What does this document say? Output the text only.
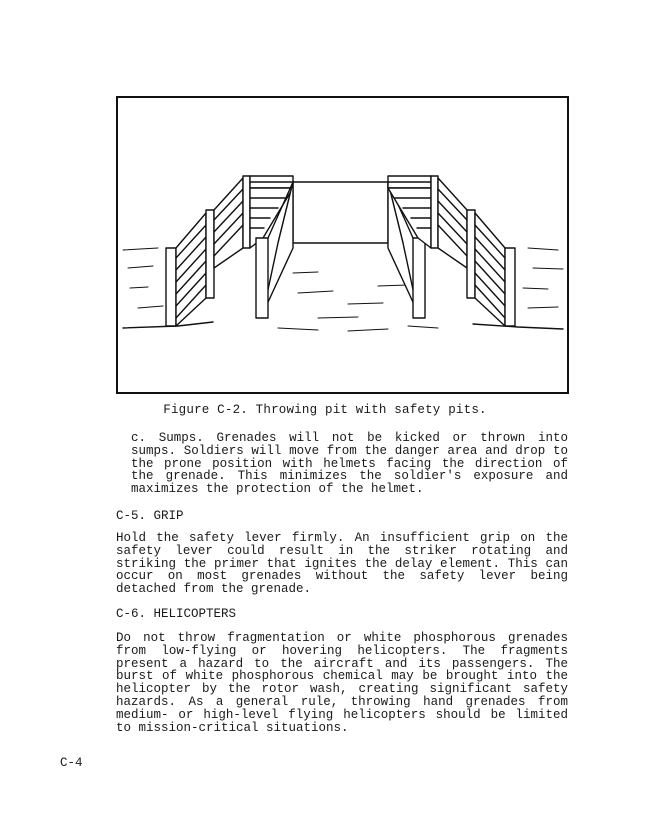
Figure C-2. Throwing pit with safety pits.

c. Sumps. Grenades will not be kicked or thrown into sumps. Soldiers will move from the danger area and drop to the prone position with helmets facing the direction of the grenade. This minimizes the soldier's exposure and maximizes the protection of the helmet.

C-5. GRIP

Hold the safety lever firmly. An insufficient grip on the safety lever could result in the striker rotating and striking the primer that ignites the delay element. This can occur on most grenades without the safety lever being detached from the grenade.

C-6. HELICOPTERS

Do not throw fragmentation or white phosphorous grenades from low-flying or hovering helicopters. The fragments present a hazard to the aircraft and its passengers. The burst of white phosphorous chemical may be brought into the helicopter by the rotor wash, creating significant safety hazards. As a general rule, throwing hand grenades from medium- or high-level flying helicopters should be limited to mission-critical situations.

C-4
